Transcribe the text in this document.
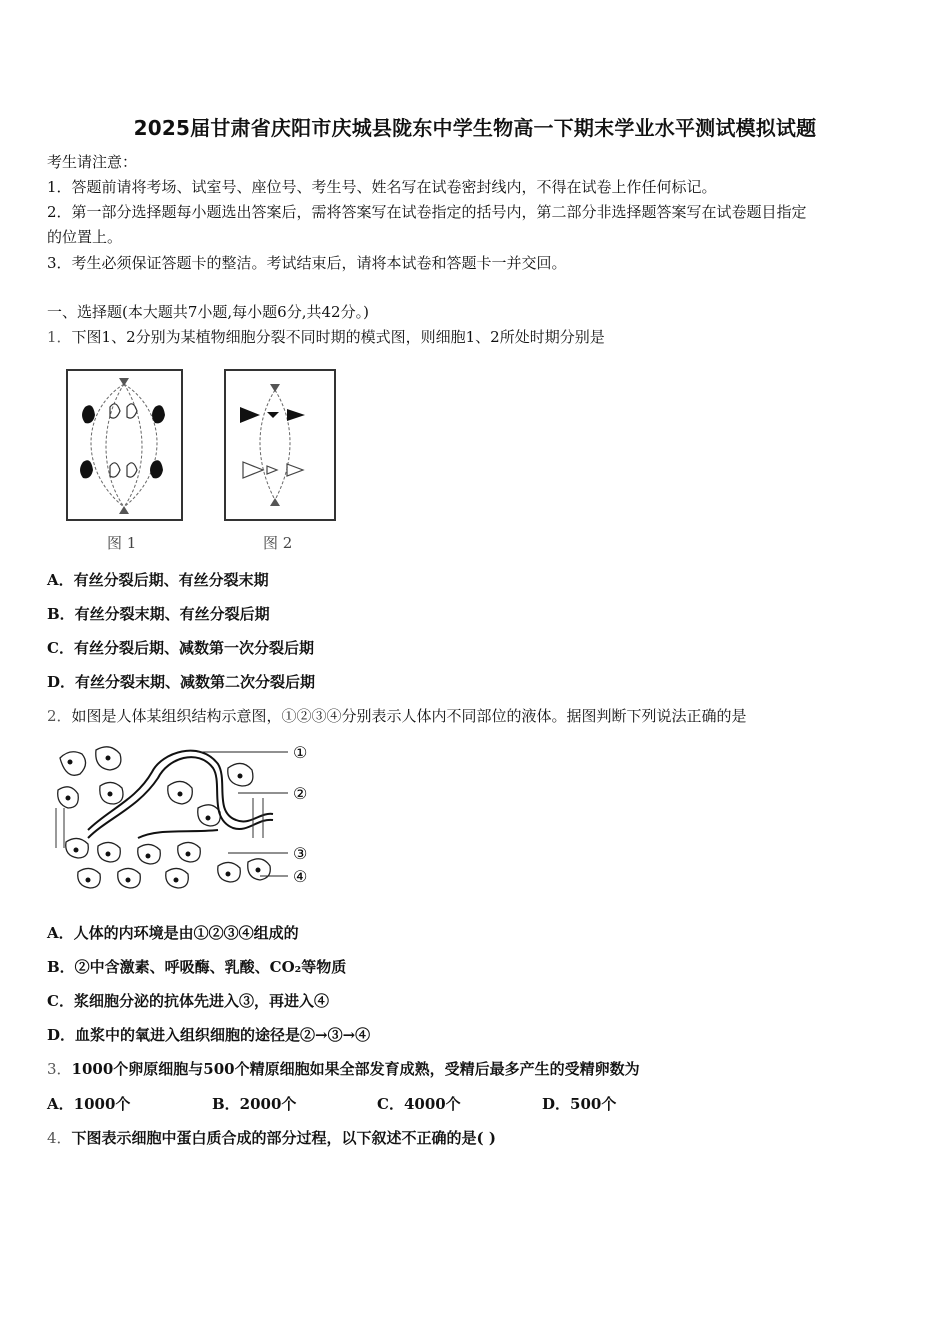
2025届甘肃省庆阳市庆城县陇东中学生物高一下期末学业水平测试模拟试题
考生请注意：
1．答题前请将考场、试室号、座位号、考生号、姓名写在试卷密封线内，不得在试卷上作任何标记。
2．第一部分选择题每小题选出答案后，需将答案写在试卷指定的括号内，第二部分非选择题答案写在试卷题目指定
的位置上。
3．考生必须保证答题卡的整洁。考试结束后，请将本试卷和答题卡一并交回。
一、选择题(本大题共7小题,每小题6分,共42分。)
1．下图1、2分别为某植物细胞分裂不同时期的模式图，则细胞1、2所处时期分别是
图 1	图 2
A．有丝分裂后期、有丝分裂末期
B．有丝分裂末期、有丝分裂后期
C．有丝分裂后期、减数第一次分裂后期
D．有丝分裂末期、减数第二次分裂后期
2．如图是人体某组织结构示意图，①②③④分别表示人体内不同部位的液体。据图判断下列说法正确的是
①
②
③
④
A．人体的内环境是由①②③④组成的
B．②中含激素、呼吸酶、乳酸、CO₂等物质
C．浆细胞分泌的抗体先进入③，再进入④
D．血浆中的氧进入组织细胞的途径是②→③→④
3．1000个卵原细胞与500个精原细胞如果全部发育成熟，受精后最多产生的受精卵数为
A．1000个	B．2000个	C．4000个	D．500个
4．下图表示细胞中蛋白质合成的部分过程，以下叙述不正确的是( )
